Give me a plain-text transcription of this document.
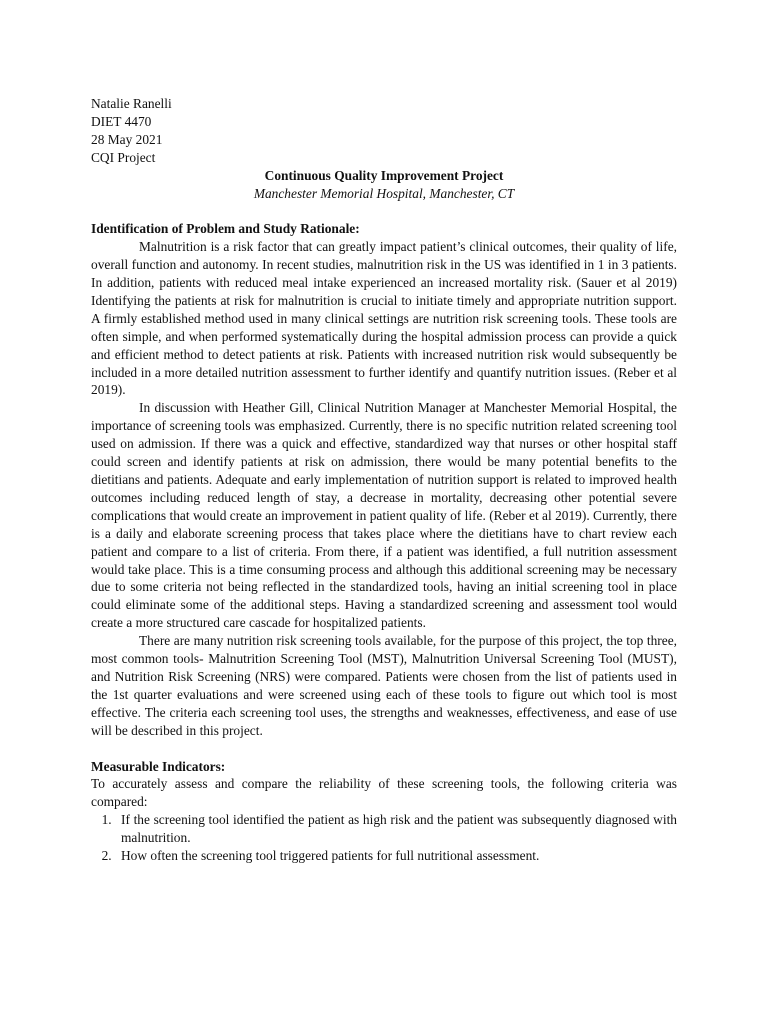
Natalie Ranelli
DIET 4470
28 May 2021
CQI Project
Continuous Quality Improvement Project
Manchester Memorial Hospital, Manchester, CT
Identification of Problem and Study Rationale:

Malnutrition is a risk factor that can greatly impact patient’s clinical outcomes, their quality of life, overall function and autonomy. In recent studies, malnutrition risk in the US was identified in 1 in 3 patients. In addition, patients with reduced meal intake experienced an increased mortality risk. (Sauer et al 2019) Identifying the patients at risk for malnutrition is crucial to initiate timely and appropriate nutrition support. A firmly established method used in many clinical settings are nutrition risk screening tools. These tools are often simple, and when performed systematically during the hospital admission process can provide a quick and efficient method to detect patients at risk. Patients with increased nutrition risk would subsequently be included in a more detailed nutrition assessment to further identify and quantify nutrition issues. (Reber et al 2019).

In discussion with Heather Gill, Clinical Nutrition Manager at Manchester Memorial Hospital, the importance of screening tools was emphasized. Currently, there is no specific nutrition related screening tool used on admission. If there was a quick and effective, standardized way that nurses or other hospital staff could screen and identify patients at risk on admission, there would be many potential benefits to the dietitians and patients. Adequate and early implementation of nutrition support is related to improved health outcomes including reduced length of stay, a decrease in mortality, decreasing other potential severe complications that would create an improvement in patient quality of life. (Reber et al 2019). Currently, there is a daily and elaborate screening process that takes place where the dietitians have to chart review each patient and compare to a list of criteria. From there, if a patient was identified, a full nutrition assessment would take place. This is a time consuming process and although this additional screening may be necessary due to some criteria not being reflected in the standardized tools, having an initial screening tool in place could eliminate some of the additional steps. Having a standardized screening and assessment tool would create a more structured care cascade for hospitalized patients.

There are many nutrition risk screening tools available, for the purpose of this project, the top three, most common tools- Malnutrition Screening Tool (MST), Malnutrition Universal Screening Tool (MUST), and Nutrition Risk Screening (NRS) were compared. Patients were chosen from the list of patients used in the 1st quarter evaluations and were screened using each of these tools to figure out which tool is most effective. The criteria each screening tool uses, the strengths and weaknesses, effectiveness, and ease of use will be described in this project.

Measurable Indicators:

To accurately assess and compare the reliability of these screening tools, the following criteria was compared:

1. If the screening tool identified the patient as high risk and the patient was subsequently diagnosed with malnutrition.
2. How often the screening tool triggered patients for full nutritional assessment.
